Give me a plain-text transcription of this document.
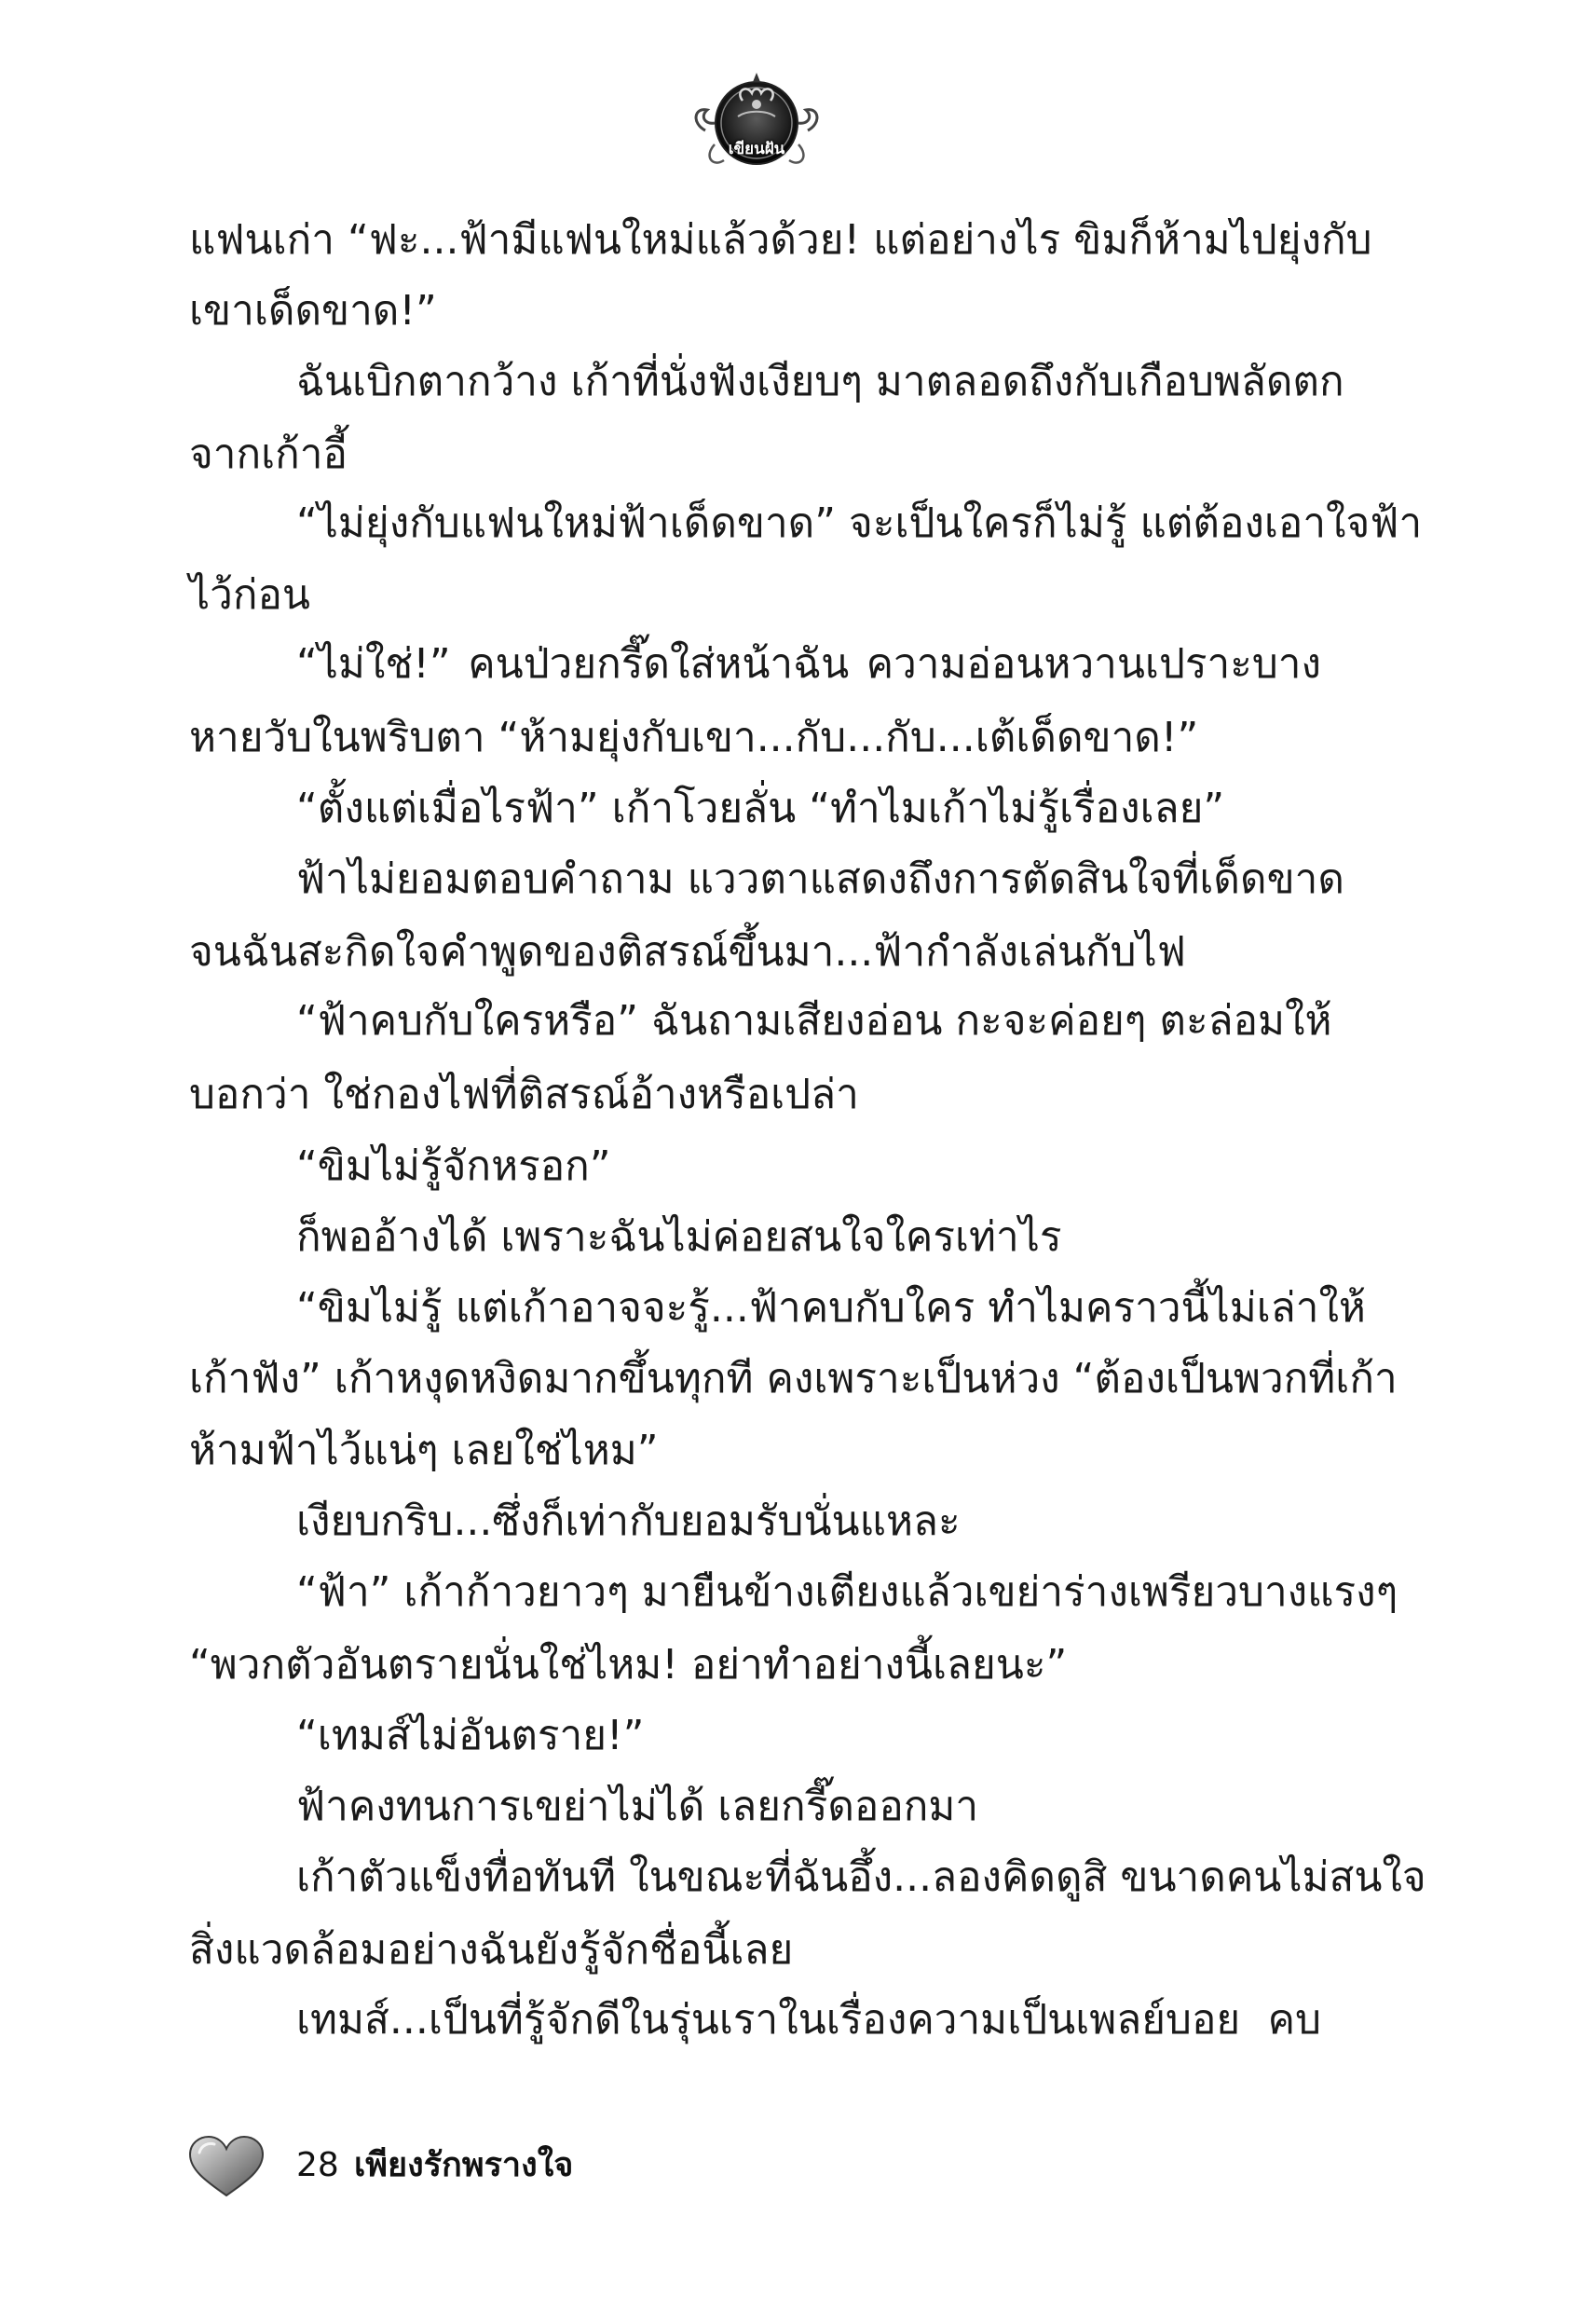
เขียนฝัน
แฟนเก่า “ฟะ...ฟ้ามีแฟนใหม่แล้วด้วย! แต่อย่างไร ขิมก็ห้ามไปยุ่งกับ
เขาเด็ดขาด!”
ฉันเบิกตากว้าง เก้าที่นั่งฟังเงียบๆ มาตลอดถึงกับเกือบพลัดตก
จากเก้าอี้
“ไม่ยุ่งกับแฟนใหม่ฟ้าเด็ดขาด” จะเป็นใครก็ไม่รู้ แต่ต้องเอาใจฟ้า
ไว้ก่อน
“ไม่ใช่!” คนป่วยกรี๊ดใส่หน้าฉัน ความอ่อนหวานเปราะบาง
หายวับในพริบตา “ห้ามยุ่งกับเขา...กับ...กับ...เต้เด็ดขาด!”
“ตั้งแต่เมื่อไรฟ้า” เก้าโวยลั่น “ทำไมเก้าไม่รู้เรื่องเลย”
ฟ้าไม่ยอมตอบคำถาม แววตาแสดงถึงการตัดสินใจที่เด็ดขาด
จนฉันสะกิดใจคำพูดของติสรณ์ขึ้นมา...ฟ้ากำลังเล่นกับไฟ
“ฟ้าคบกับใครหรือ” ฉันถามเสียงอ่อน กะจะค่อยๆ ตะล่อมให้
บอกว่า ใช่กองไฟที่ติสรณ์อ้างหรือเปล่า
“ขิมไม่รู้จักหรอก”
ก็พออ้างได้ เพราะฉันไม่ค่อยสนใจใครเท่าไร
“ขิมไม่รู้ แต่เก้าอาจจะรู้...ฟ้าคบกับใคร ทำไมคราวนี้ไม่เล่าให้
เก้าฟัง” เก้าหงุดหงิดมากขึ้นทุกที คงเพราะเป็นห่วง “ต้องเป็นพวกที่เก้า
ห้ามฟ้าไว้แน่ๆ เลยใช่ไหม”
เงียบกริบ...ซึ่งก็เท่ากับยอมรับนั่นแหละ
“ฟ้า” เก้าก้าวยาวๆ มายืนข้างเตียงแล้วเขย่าร่างเพรียวบางแรงๆ
“พวกตัวอันตรายนั่นใช่ไหม! อย่าทำอย่างนี้เลยนะ”
“เทมส์ไม่อันตราย!”
ฟ้าคงทนการเขย่าไม่ได้ เลยกรี๊ดออกมา
เก้าตัวแข็งทื่อทันที ในขณะที่ฉันอึ้ง...ลองคิดดูสิ ขนาดคนไม่สนใจ
สิ่งแวดล้อมอย่างฉันยังรู้จักชื่อนี้เลย
เทมส์...เป็นที่รู้จักดีในรุ่นเราในเรื่องความเป็นเพลย์บอย คบ
28 เพียงรักพรางใจ
